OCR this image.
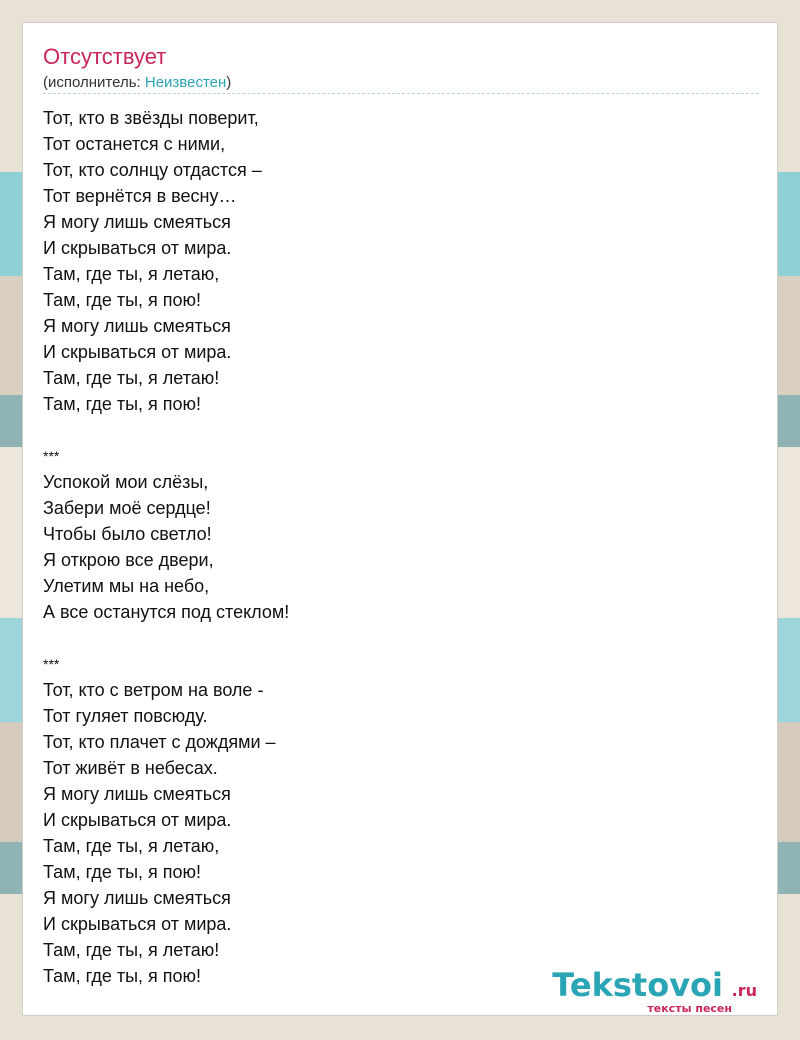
Отсутствует
(исполнитель: Неизвестен)
Тот, кто в звёзды поверит,
Тот останется с ними,
Тот, кто солнцу отдастся –
Тот вернётся в весну…
Я могу лишь смеяться
И скрываться от мира.
Там, где ты, я летаю,
Там, где ты, я пою!
Я могу лишь смеяться
И скрываться от мира.
Там, где ты, я летаю!
Там, где ты, я пою!
***
Успокой мои слёзы,
Забери моё сердце!
Чтобы было светло!
Я открою все двери,
Улетим мы на небо,
А все останутся под стеклом!
***
Тот, кто с ветром на воле -
Тот гуляет повсюду.
Тот, кто плачет с дождями –
Тот живёт в небесах.
Я могу лишь смеяться
И скрываться от мира.
Там, где ты, я летаю,
Там, где ты, я пою!
Я могу лишь смеяться
И скрываться от мира.
Там, где ты, я летаю!
Там, где ты, я пою!	Tekstovoi .ru
тексты песен
